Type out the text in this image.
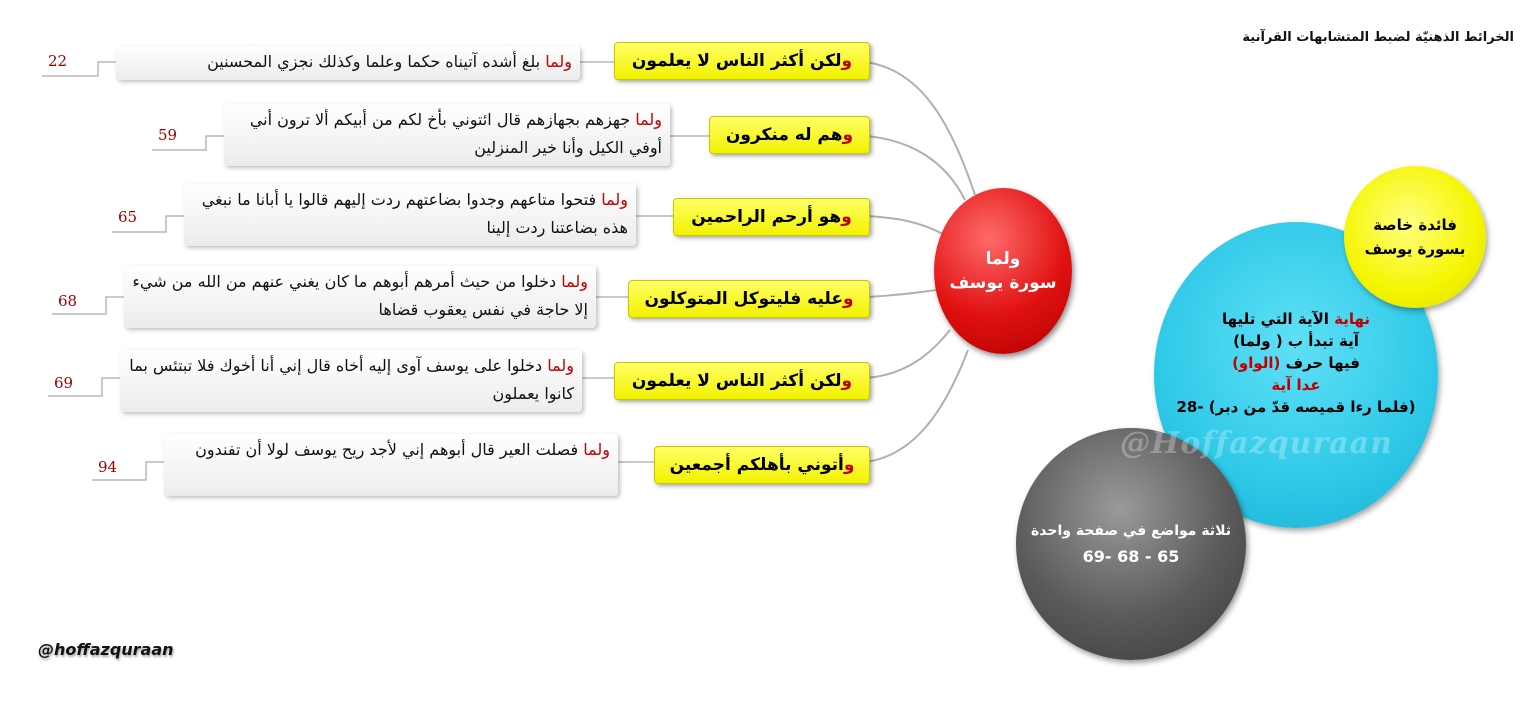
الخرائط الذهنيّة لضبط المتشابهات القرآنية
ولما
سورة يوسف
و
لكن أكثر الناس لا يعلمون
ولما بلغ أشده آتيناه حكما وعلما وكذلك نجزي المحسنين
22
و
هم له منكرون
ولما جهزهم بجهازهم قال ائتوني بأخ لكم من أبيكم ألا ترون أني أوفي الكيل وأنا خير المنزلين
59
و
هو أرحم الراحمين
ولما فتحوا متاعهم وجدوا بضاعتهم ردت إليهم قالوا يا أبانا ما نبغي هذه بضاعتنا ردت إلينا
65
و
عليه فليتوكل المتوكلون
ولما دخلوا من حيث أمرهم أبوهم ما كان يغني عنهم من الله من شيء إلا حاجة في نفس يعقوب قضاها
68
و
لكن أكثر الناس لا يعلمون
ولما دخلوا على يوسف آوى إليه أخاه قال إني أنا أخوك فلا تبتئس بما كانوا يعملون
69
و
أتوني بأهلكم أجمعين
ولما فصلت العير قال أبوهم إني لأجد ريح يوسف لولا أن تفندون
94
نهاية الآية التي تليها
آية تبدأ ب ( ولما)
فيها حرف (الواو)
عدا آية
(فلما رءا قميصه قدّ من دبر) -28
فائدة خاصة
بسورة يوسف
ثلاثة مواضع في صفحة واحدة
65 - 68 -69
@Hoffazquraan
@hoffazquraan
